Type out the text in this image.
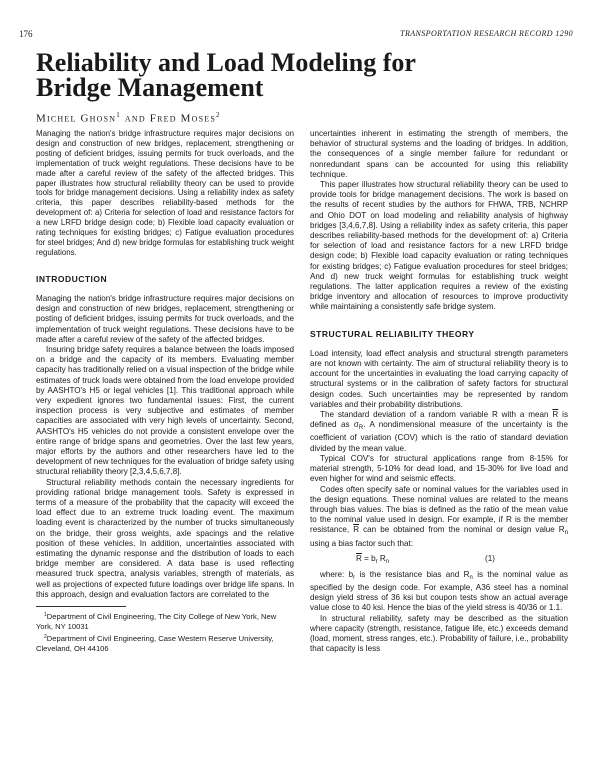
176	TRANSPORTATION RESEARCH RECORD 1290
Reliability and Load Modeling for
Bridge Management
Michel Ghosn$^1$ and Fred Moses$^2$

Managing the nation's bridge infrastructure requires major decisions on design and construction of new bridges, replacement, strengthening or posting of deficient bridges, issuing permits for truck overloads, and the implementation of truck weight regulations. These decisions have to be made after a careful review of the safety of the affected bridges. This paper illustrates how structural reliability theory can be used to provide tools for bridge management decisions. Using a reliability index as safety criteria, this paper describes reliability-based methods for the development of: a) Criteria for selection of load and resistance factors for a new LRFD bridge design code; b) Flexible load capacity evaluation or rating techniques for existing bridges; c) Fatigue evaluation procedures for steel bridges; And d) new bridge formulas for establishing truck weight regulations.

INTRODUCTION

Managing the nation's bridge infrastructure requires major decisions on design and construction of new bridges, replacement, strengthening or posting of deficient bridges, issuing permits for truck overloads, and the implementation of truck weight regulations. These decisions have to be made after a careful review of the safety of the affected bridges.

Insuring bridge safety requires a balance between the loads imposed on a bridge and the capacity of its members. Evaluating member capacity has traditionally relied on a visual inspection of the bridge while estimates of truck loads were obtained from the load envelope provided by AASHTO's H5 or legal vehicles [1]. This traditional approach while very expedient ignores two fundamental issues: First, the current inspection process is very subjective and estimates of member capacities are associated with very high levels of uncertainty. Second, AASHTO's H5 vehicles do not provide a consistent envelope over the entire range of bridge spans and geometries. Over the last few years, major efforts by the authors and other researchers have led to the development of new techniques for the evaluation of bridge safety using structural reliability theory [2,3,4,5,6,7,8].

Structural reliability methods contain the necessary ingredients for providing rational bridge management tools. Safety is expressed in terms of a measure of the probability that the capacity will exceed the load effect due to an extreme truck loading event. The maximum loading event is characterized by the number of trucks simultaneously on the bridge, their gross weights, axle spacings and the relative position of these vehicles. In addition, uncertainties associated with estimating the dynamic response and the distribution of loads to each bridge member are considered. A data base is used reflecting measured truck spectra, analysis variables, strength of materials, as well as projections of expected future loadings over bridge life spans. In this approach, design and evaluation factors are correlated to the

$^1$Department of Civil Engineering, The City College of New York, New York, NY 10031

$^2$Department of Civil Engineering, Case Western Reserve University, Cleveland, OH 44106

uncertainties inherent in estimating the strength of members, the behavior of structural systems and the loading of bridges. In addition, the consequences of a single member failure for redundant or nonredundant spans can be accounted for using this reliability technique.

This paper illustrates how structural reliability theory can be used to provide tools for bridge management decisions. The work is based on the results of recent studies by the authors for FHWA, TRB, NCHRP and Ohio DOT on load modeling and reliability analysis of highway bridges [3,4,6,7,8]. Using a reliability index as safety criteria, this paper describes reliability-based methods for the development of: a) Criteria for selection of load and resistance factors for a new LRFD bridge design code; b) Flexible load capacity evaluation or rating techniques for existing bridges; c) Fatigue evaluation procedures for steel bridges; And d) new truck weight formulas for establishing truck weight regulations. The latter application requires a review of the existing bridge inventory and allocation of resources to improve productivity while maintaining a consistently safe bridge system.

STRUCTURAL RELIABILITY THEORY

Load intensity, load effect analysis and structural strength parameters are not known with certainty. The aim of structural reliability theory is to account for the uncertainties in evaluating the load carrying capacity of structural systems or in the calibration of safety factors for structural design codes. Such uncertainties may be represented by random variables and their probability distributions.

The standard deviation of a random variable R with a mean $\overline{R}$ is defined as $\sigma_R$. A nondimensional measure of the uncertainty is the coefficient of variation (COV) which is the ratio of standard deviation divided by the mean value.

Typical COV's for structural applications range from 8-15% for material strength, 5-10% for dead load, and 15-30% for live load and even higher for wind and seismic effects.

Codes often specify safe or nominal values for the variables used in the design equations. These nominal values are related to the means through bias values. The bias is defined as the ratio of the mean value to the nominal value used in design. For example, if R is the member resistance, $\overline{R}$ can be obtained from the nominal or design value $R_n$ using a bias factor such that:

$\overline{R} = b_r$ $R_n$	(1)

where: $b_r$ is the resistance bias and $R_n$ is the nominal value as specified by the design code. For example, A36 steel has a nominal design yield stress of 36 ksi but coupon tests show an actual average value close to 40 ksi. Hence the bias of the yield stress is 40/36 or 1.1.

In structural reliability, safety may be described as the situation where capacity (strength, resistance, fatigue life, etc.) exceeds demand (load, moment, stress ranges, etc.). Probability of failure, i.e., probability that capacity is less
